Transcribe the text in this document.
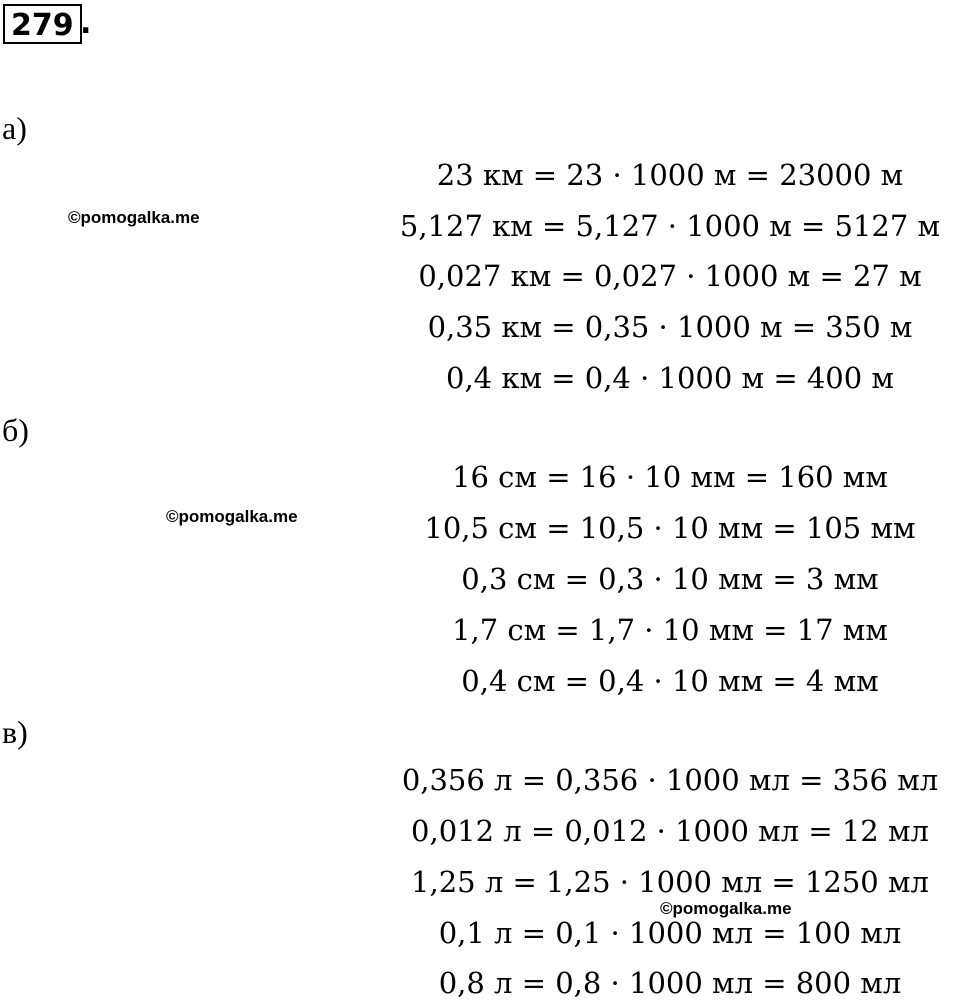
279 .
а)
23 км = 23 · 1000 м = 23000 м
5,127 км = 5,127 · 1000 м = 5127 м
0,027 км = 0,027 · 1000 м = 27 м
0,35 км = 0,35 · 1000 м = 350 м
0,4 км = 0,4 · 1000 м = 400 м
б)
16 см = 16 · 10 мм = 160 мм
10,5 см = 10,5 · 10 мм = 105 мм
0,3 см = 0,3 · 10 мм = 3 мм
1,7 см = 1,7 · 10 мм = 17 мм
0,4 см = 0,4 · 10 мм = 4 мм
в)
0,356 л = 0,356 · 1000 мл = 356 мл
0,012 л = 0,012 · 1000 мл = 12 мл
1,25 л = 1,25 · 1000 мл = 1250 мл
0,1 л = 0,1 · 1000 мл = 100 мл
0,8 л = 0,8 · 1000 мл = 800 мл
©pomogalka.me
©pomogalka.me
©pomogalka.me
